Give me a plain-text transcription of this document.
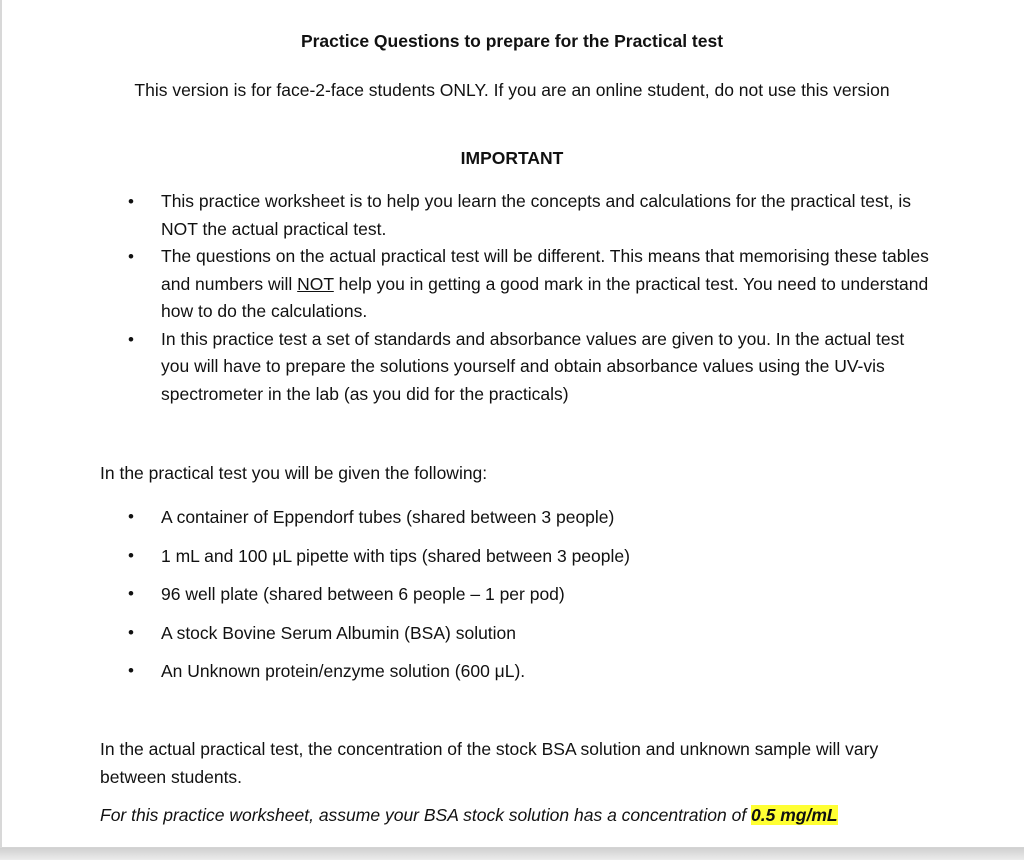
Practice Questions to prepare for the Practical test
This version is for face-2-face students ONLY. If you are an online student, do not use this version
IMPORTANT
• This practice worksheet is to help you learn the concepts and calculations for the practical test, is NOT the actual practical test.
• The questions on the actual practical test will be different. This means that memorising these tables and numbers will NOT help you in getting a good mark in the practical test. You need to understand how to do the calculations.
• In this practice test a set of standards and absorbance values are given to you. In the actual test you will have to prepare the solutions yourself and obtain absorbance values using the UV-vis spectrometer in the lab (as you did for the practicals)
In the practical test you will be given the following:
• A container of Eppendorf tubes (shared between 3 people)
• 1 mL and 100 μL pipette with tips (shared between 3 people)
• 96 well plate (shared between 6 people – 1 per pod)
• A stock Bovine Serum Albumin (BSA) solution
• An Unknown protein/enzyme solution (600 μL).
In the actual practical test, the concentration of the stock BSA solution and unknown sample will vary between students.
For this practice worksheet, assume your BSA stock solution has a concentration of 0.5 mg/mL
